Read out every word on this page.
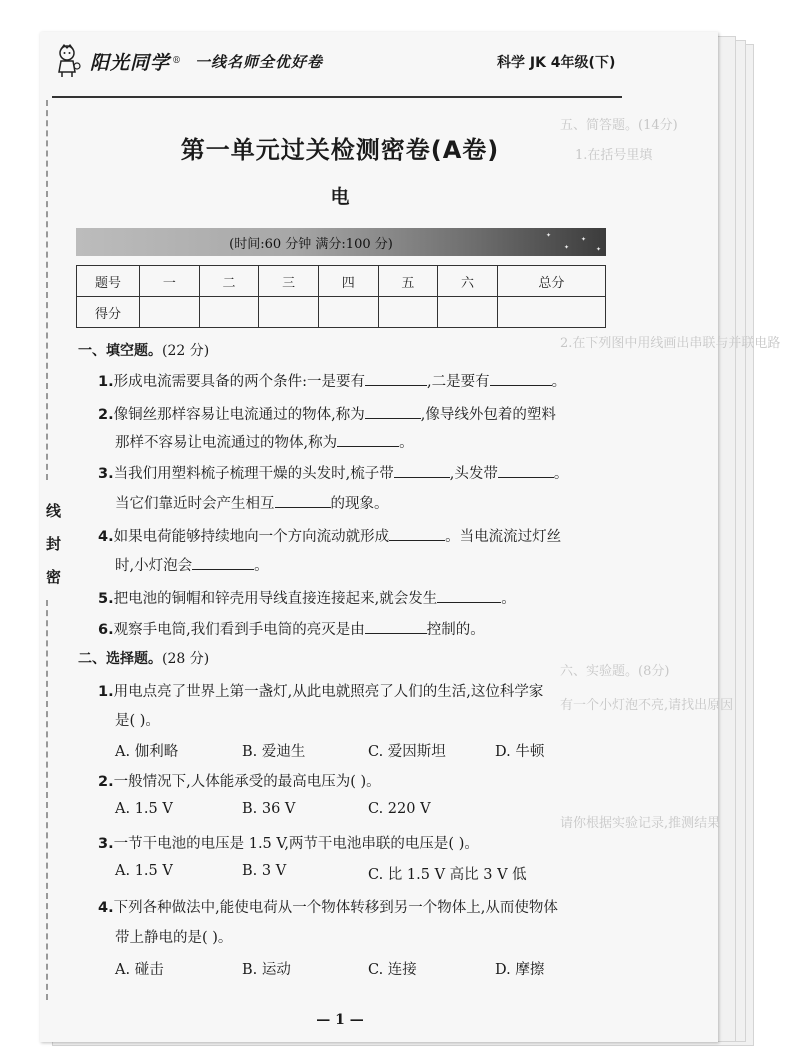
五、简答题。(14分)
1.在括号里填
2.在下列图中用线画出串联与并联电路
六、实验题。(8分)
有一个小灯泡不亮,请找出原因
请你根据实验记录,推测结果
阳光同学 ® 一线名师全优好卷	科学 JK 4年级(下)
第一单元过关检测密卷(A卷)
电
(时间:60 分钟 满分:100 分)
✦
✦
✦
✦
题号	一	二	三	四	五	六	总分
得分							
一、填空题。(22 分)
1.形成电流需要具备的两个条件:一是要有	,二是要有	。
2.像铜丝那样容易让电流通过的物体,称为	,像导线外包着的塑料
那样不容易让电流通过的物体,称为	。
3.当我们用塑料梳子梳理干燥的头发时,梳子带	,头发带	。
当它们靠近时会产生相互	的现象。
4.如果电荷能够持续地向一个方向流动就形成	。当电流流过灯丝
时,小灯泡会	。
5.把电池的铜帽和锌壳用导线直接连接起来,就会发生	。
6.观察手电筒,我们看到手电筒的亮灭是由	控制的。
二、选择题。(28 分)
1.用电点亮了世界上第一盏灯,从此电就照亮了人们的生活,这位科学家
是( )。
A. 伽利略	B. 爱迪生	C. 爱因斯坦	D. 牛顿
2.一般情况下,人体能承受的最高电压为( )。
A. 1.5 V	B. 36 V	C. 220 V
3.一节干电池的电压是 1.5 V,两节干电池串联的电压是( )。
A. 1.5 V	B. 3 V	C. 比 1.5 V 高比 3 V 低
4.下列各种做法中,能使电荷从一个物体转移到另一个物体上,从而使物体
带上静电的是( )。
A. 碰击	B. 运动	C. 连接	D. 摩擦
线
封
密
— 1 —
